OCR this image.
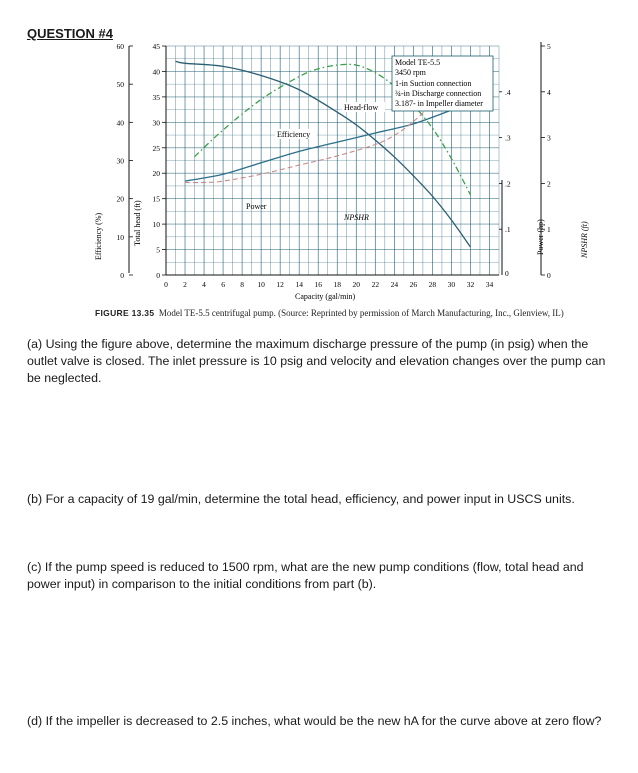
QUESTION #4
0 2 4 6 8 10 12 14 16 18 20 22 24 26 28 30 32 34
0
5
10
15
20
25
30
35
40
45
0
10
20
30
40
50
60
.1
.2
.3
.4
0	0
1
2
3
4
5
Model TE-5.5
3450 rpm
1-in Suction connection
¾-in Discharge connection
3.187- in Impeller diameter
Head-flow
Efficiency
Power
NPSHR
Capacity (gal/min)
Efficiency (%)	Total head (ft)	Power (hp)	NPSHR (ft)
FIGURE 13.35 Model TE-5.5 centrifugal pump. (Source: Reprinted by permission of March Manufacturing, Inc., Glenview, IL)
(a) Using the figure above, determine the maximum discharge pressure of the pump (in psig) when the outlet valve is closed. The inlet pressure is 10 psig and velocity and elevation changes over the pump can be neglected.
(b) For a capacity of 19 gal/min, determine the total head, efficiency, and power input in USCS units.
(c) If the pump speed is reduced to 1500 rpm, what are the new pump conditions (flow, total head and power input) in comparison to the initial conditions from part (b).
(d) If the impeller is decreased to 2.5 inches, what would be the new hA for the curve above at zero flow?
